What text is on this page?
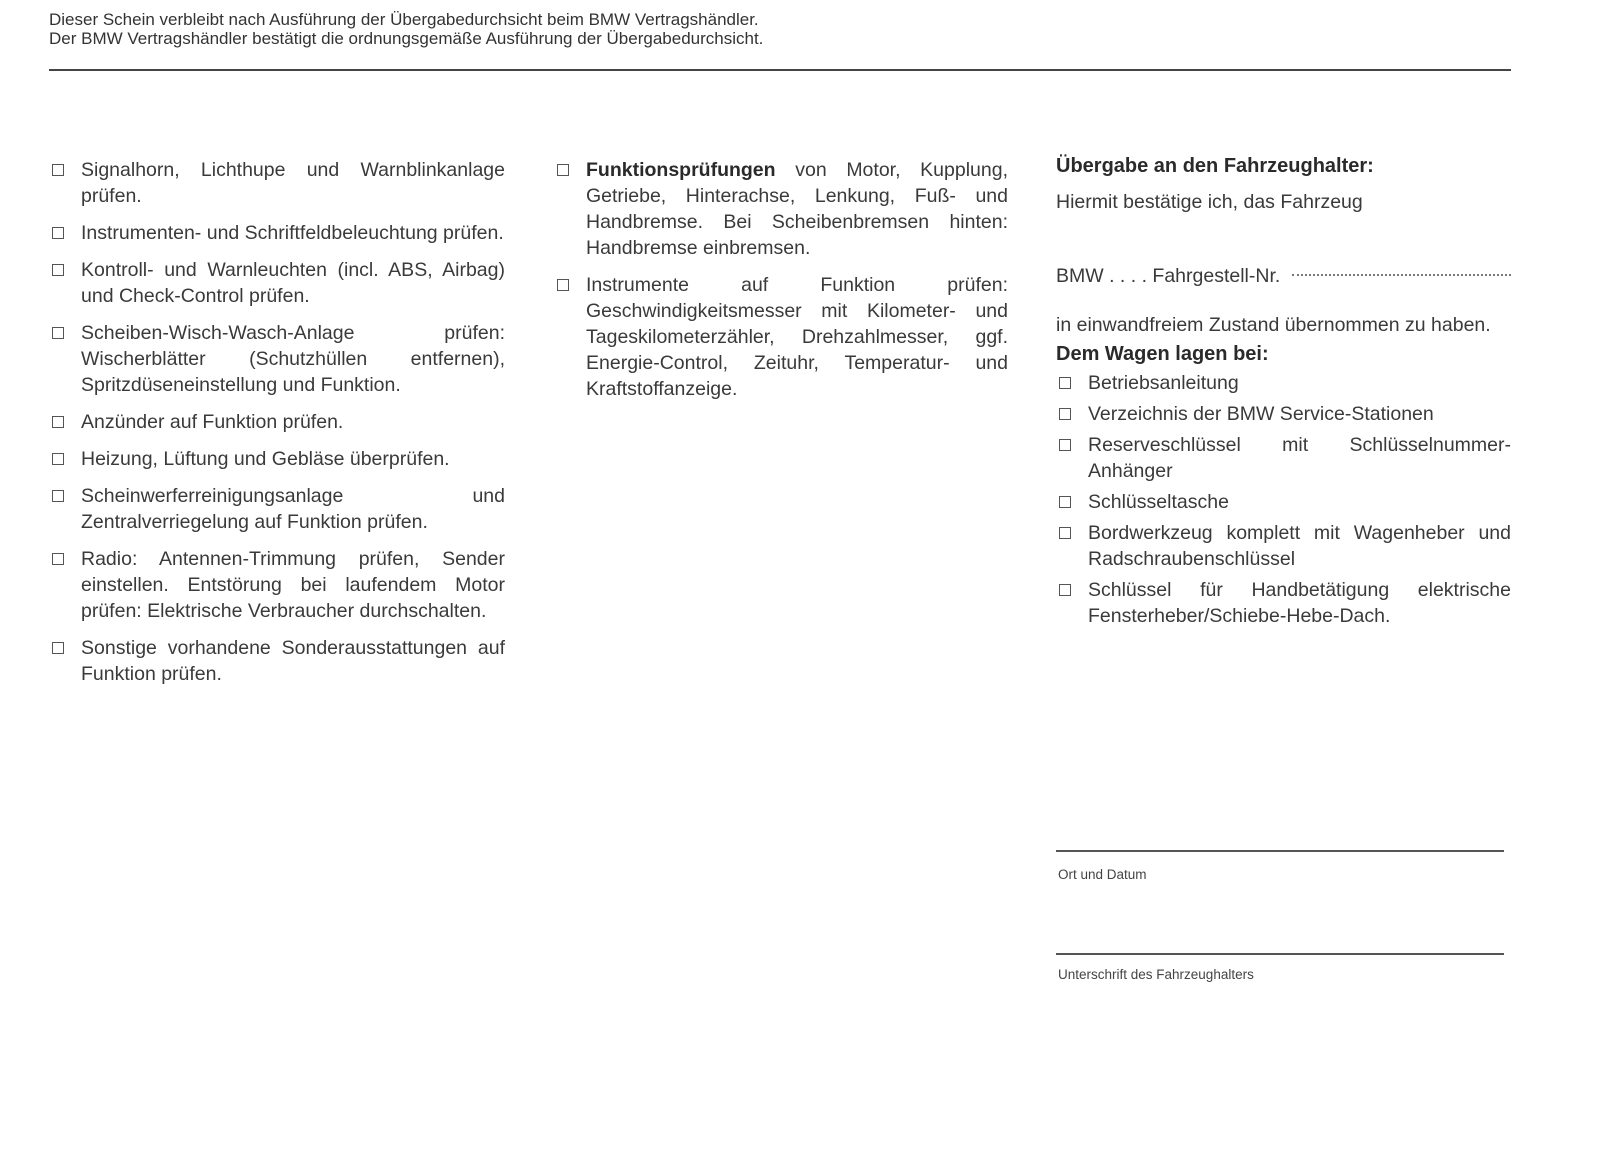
Dieser Schein verbleibt nach Ausführung der Übergabedurchsicht beim BMW Vertragshändler.
Der BMW Vertragshändler bestätigt die ordnungsgemäße Ausführung der Übergabedurchsicht.
Signalhorn, Lichthupe und Warnblinkanlage prüfen.
Instrumenten- und Schriftfeldbeleuchtung prüfen.
Kontroll- und Warnleuchten (incl. ABS, Airbag) und Check-Control prüfen.
Scheiben-Wisch-Wasch-Anlage prüfen: Wischerblätter (Schutzhüllen entfernen), Spritzdüseneinstellung und Funktion.
Anzünder auf Funktion prüfen.
Heizung, Lüftung und Gebläse überprüfen.
Scheinwerferreinigungsanlage und Zentralverriegelung auf Funktion prüfen.
Radio: Antennen-Trimmung prüfen, Sender einstellen. Entstörung bei laufendem Motor prüfen: Elektrische Verbraucher durchschalten.
Sonstige vorhandene Sonderausstattungen auf Funktion prüfen.
Funktionsprüfungen von Motor, Kupplung, Getriebe, Hinterachse, Lenkung, Fuß- und Handbremse. Bei Scheibenbremsen hinten: Handbremse einbremsen.
Instrumente auf Funktion prüfen: Geschwindigkeitsmesser mit Kilometer- und Tageskilometerzähler, Drehzahlmesser, ggf. Energie-Control, Zeituhr, Temperatur- und Kraftstoffanzeige.
Übergabe an den Fahrzeughalter:
Hiermit bestätige ich, das Fahrzeug
BMW . . . . Fahrgestell-Nr.
in einwandfreiem Zustand übernommen zu haben.
Dem Wagen lagen bei:
Betriebsanleitung
Verzeichnis der BMW Service-Stationen
Reserveschlüssel mit Schlüsselnummer-Anhänger
Schlüsseltasche
Bordwerkzeug komplett mit Wagenheber und Radschraubenschlüssel
Schlüssel für Handbetätigung elektrische Fensterheber/Schiebe-Hebe-Dach.
Ort und Datum
Unterschrift des Fahrzeughalters
